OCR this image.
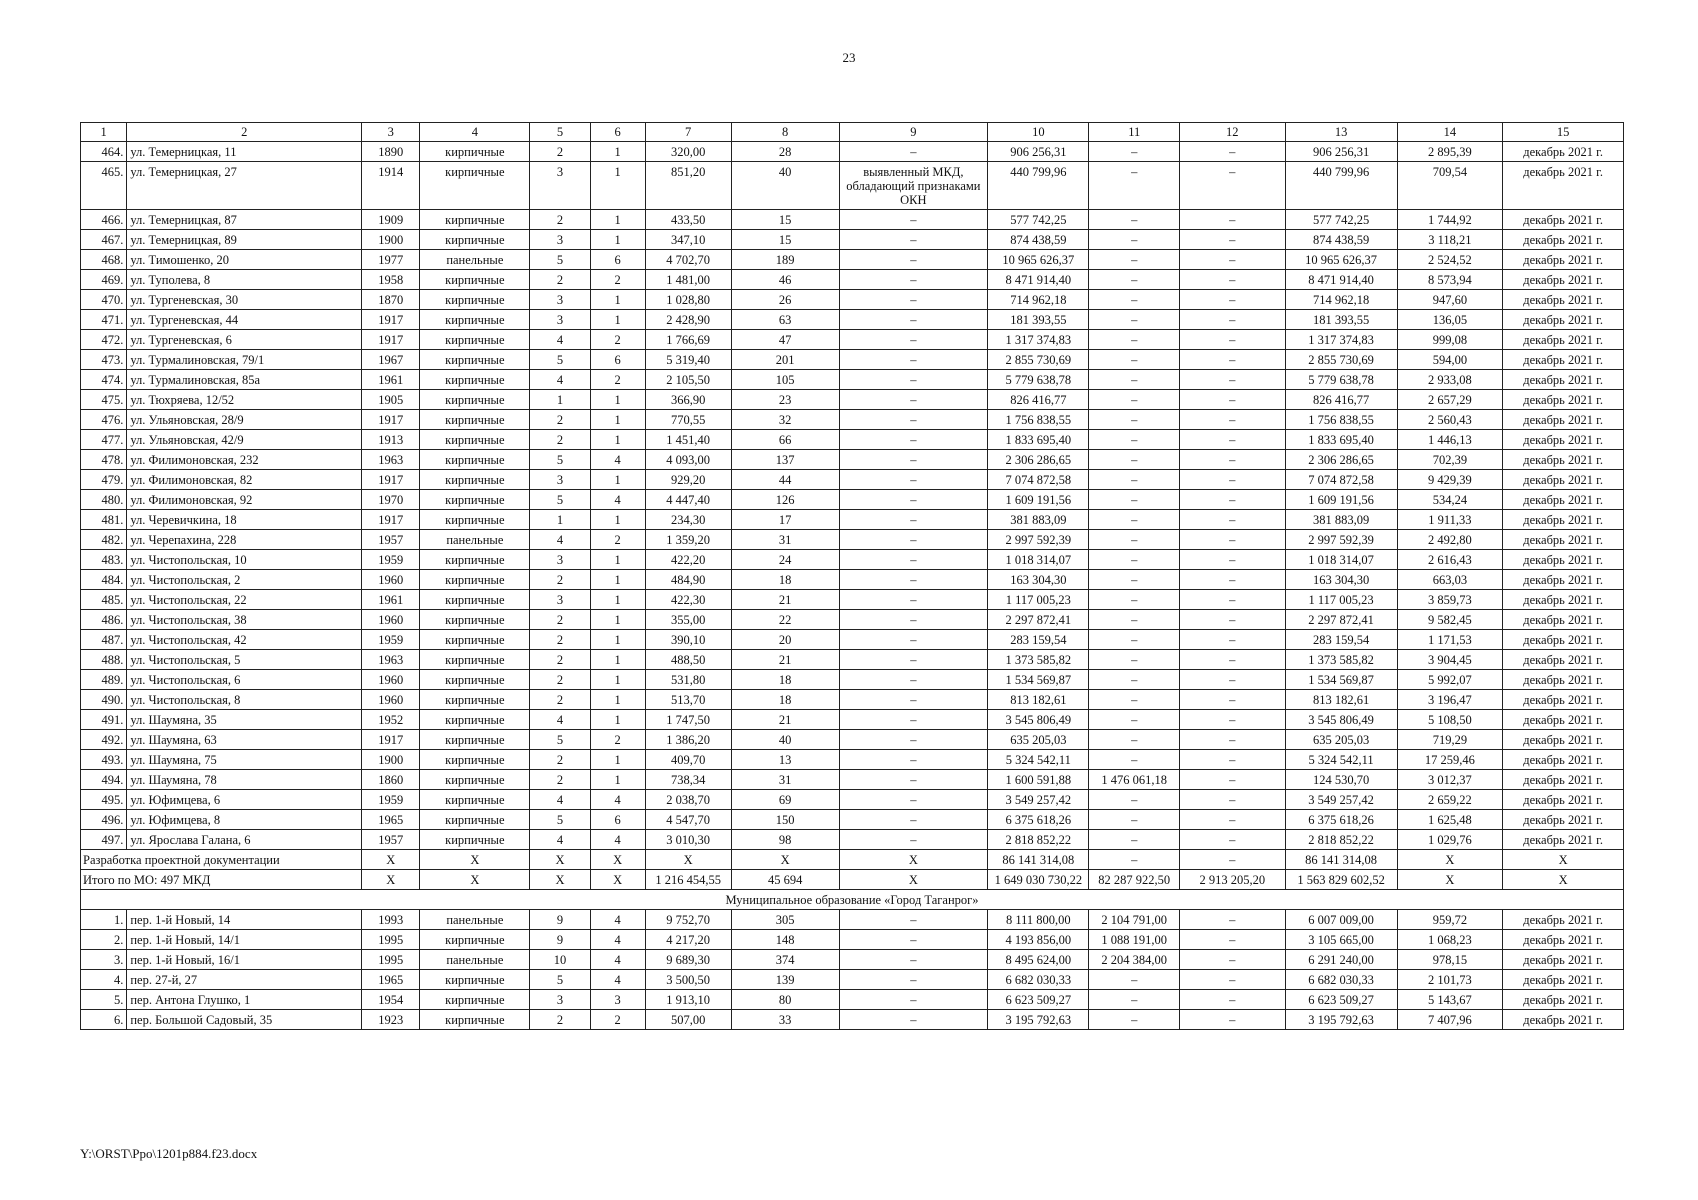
23
1	2	3	4	5	6	7	8	9	10	11	12	13	14	15
464.	ул. Темерницкая, 11	1890	кирпичные	2	1	320,00	28	–	906 256,31	–	–	906 256,31	2 895,39	декабрь 2021 г.
465.	ул. Темерницкая, 27	1914	кирпичные	3	1	851,20	40	выявленный МКД, обладающий признаками ОКН	440 799,96	–	–	440 799,96	709,54	декабрь 2021 г.
466.	ул. Темерницкая, 87	1909	кирпичные	2	1	433,50	15	–	577 742,25	–	–	577 742,25	1 744,92	декабрь 2021 г.
467.	ул. Темерницкая, 89	1900	кирпичные	3	1	347,10	15	–	874 438,59	–	–	874 438,59	3 118,21	декабрь 2021 г.
468.	ул. Тимошенко, 20	1977	панельные	5	6	4 702,70	189	–	10 965 626,37	–	–	10 965 626,37	2 524,52	декабрь 2021 г.
469.	ул. Туполева, 8	1958	кирпичные	2	2	1 481,00	46	–	8 471 914,40	–	–	8 471 914,40	8 573,94	декабрь 2021 г.
470.	ул. Тургеневская, 30	1870	кирпичные	3	1	1 028,80	26	–	714 962,18	–	–	714 962,18	947,60	декабрь 2021 г.
471.	ул. Тургеневская, 44	1917	кирпичные	3	1	2 428,90	63	–	181 393,55	–	–	181 393,55	136,05	декабрь 2021 г.
472.	ул. Тургеневская, 6	1917	кирпичные	4	2	1 766,69	47	–	1 317 374,83	–	–	1 317 374,83	999,08	декабрь 2021 г.
473.	ул. Турмалиновская, 79/1	1967	кирпичные	5	6	5 319,40	201	–	2 855 730,69	–	–	2 855 730,69	594,00	декабрь 2021 г.
474.	ул. Турмалиновская, 85а	1961	кирпичные	4	2	2 105,50	105	–	5 779 638,78	–	–	5 779 638,78	2 933,08	декабрь 2021 г.
475.	ул. Тюхряева, 12/52	1905	кирпичные	1	1	366,90	23	–	826 416,77	–	–	826 416,77	2 657,29	декабрь 2021 г.
476.	ул. Ульяновская, 28/9	1917	кирпичные	2	1	770,55	32	–	1 756 838,55	–	–	1 756 838,55	2 560,43	декабрь 2021 г.
477.	ул. Ульяновская, 42/9	1913	кирпичные	2	1	1 451,40	66	–	1 833 695,40	–	–	1 833 695,40	1 446,13	декабрь 2021 г.
478.	ул. Филимоновская, 232	1963	кирпичные	5	4	4 093,00	137	–	2 306 286,65	–	–	2 306 286,65	702,39	декабрь 2021 г.
479.	ул. Филимоновская, 82	1917	кирпичные	3	1	929,20	44	–	7 074 872,58	–	–	7 074 872,58	9 429,39	декабрь 2021 г.
480.	ул. Филимоновская, 92	1970	кирпичные	5	4	4 447,40	126	–	1 609 191,56	–	–	1 609 191,56	534,24	декабрь 2021 г.
481.	ул. Черевичкина, 18	1917	кирпичные	1	1	234,30	17	–	381 883,09	–	–	381 883,09	1 911,33	декабрь 2021 г.
482.	ул. Черепахина, 228	1957	панельные	4	2	1 359,20	31	–	2 997 592,39	–	–	2 997 592,39	2 492,80	декабрь 2021 г.
483.	ул. Чистопольская, 10	1959	кирпичные	3	1	422,20	24	–	1 018 314,07	–	–	1 018 314,07	2 616,43	декабрь 2021 г.
484.	ул. Чистопольская, 2	1960	кирпичные	2	1	484,90	18	–	163 304,30	–	–	163 304,30	663,03	декабрь 2021 г.
485.	ул. Чистопольская, 22	1961	кирпичные	3	1	422,30	21	–	1 117 005,23	–	–	1 117 005,23	3 859,73	декабрь 2021 г.
486.	ул. Чистопольская, 38	1960	кирпичные	2	1	355,00	22	–	2 297 872,41	–	–	2 297 872,41	9 582,45	декабрь 2021 г.
487.	ул. Чистопольская, 42	1959	кирпичные	2	1	390,10	20	–	283 159,54	–	–	283 159,54	1 171,53	декабрь 2021 г.
488.	ул. Чистопольская, 5	1963	кирпичные	2	1	488,50	21	–	1 373 585,82	–	–	1 373 585,82	3 904,45	декабрь 2021 г.
489.	ул. Чистопольская, 6	1960	кирпичные	2	1	531,80	18	–	1 534 569,87	–	–	1 534 569,87	5 992,07	декабрь 2021 г.
490.	ул. Чистопольская, 8	1960	кирпичные	2	1	513,70	18	–	813 182,61	–	–	813 182,61	3 196,47	декабрь 2021 г.
491.	ул. Шаумяна, 35	1952	кирпичные	4	1	1 747,50	21	–	3 545 806,49	–	–	3 545 806,49	5 108,50	декабрь 2021 г.
492.	ул. Шаумяна, 63	1917	кирпичные	5	2	1 386,20	40	–	635 205,03	–	–	635 205,03	719,29	декабрь 2021 г.
493.	ул. Шаумяна, 75	1900	кирпичные	2	1	409,70	13	–	5 324 542,11	–	–	5 324 542,11	17 259,46	декабрь 2021 г.
494.	ул. Шаумяна, 78	1860	кирпичные	2	1	738,34	31	–	1 600 591,88	1 476 061,18	–	124 530,70	3 012,37	декабрь 2021 г.
495.	ул. Юфимцева, 6	1959	кирпичные	4	4	2 038,70	69	–	3 549 257,42	–	–	3 549 257,42	2 659,22	декабрь 2021 г.
496.	ул. Юфимцева, 8	1965	кирпичные	5	6	4 547,70	150	–	6 375 618,26	–	–	6 375 618,26	1 625,48	декабрь 2021 г.
497.	ул. Ярослава Галана, 6	1957	кирпичные	4	4	3 010,30	98	–	2 818 852,22	–	–	2 818 852,22	1 029,76	декабрь 2021 г.
Разработка проектной документации		X	X	X	X	X	X	X	86 141 314,08	–	–	86 141 314,08	X	X
Итого по МО: 497 МКД		X	X	X	X	1 216 454,55	45 694	X	1 649 030 730,22	82 287 922,50	2 913 205,20	1 563 829 602,52	X	X
Муниципальное образование «Город Таганрог»														
1.	пер. 1-й Новый, 14	1993	панельные	9	4	9 752,70	305	–	8 111 800,00	2 104 791,00	–	6 007 009,00	959,72	декабрь 2021 г.
2.	пер. 1-й Новый, 14/1	1995	кирпичные	9	4	4 217,20	148	–	4 193 856,00	1 088 191,00	–	3 105 665,00	1 068,23	декабрь 2021 г.
3.	пер. 1-й Новый, 16/1	1995	панельные	10	4	9 689,30	374	–	8 495 624,00	2 204 384,00	–	6 291 240,00	978,15	декабрь 2021 г.
4.	пер. 27-й, 27	1965	кирпичные	5	4	3 500,50	139	–	6 682 030,33	–	–	6 682 030,33	2 101,73	декабрь 2021 г.
5.	пер. Антона Глушко, 1	1954	кирпичные	3	3	1 913,10	80	–	6 623 509,27	–	–	6 623 509,27	5 143,67	декабрь 2021 г.
6.	пер. Большой Садовый, 35	1923	кирпичные	2	2	507,00	33	–	3 195 792,63	–	–	3 195 792,63	7 407,96	декабрь 2021 г.
Y:\ORST\Ppo\1201p884.f23.docx
